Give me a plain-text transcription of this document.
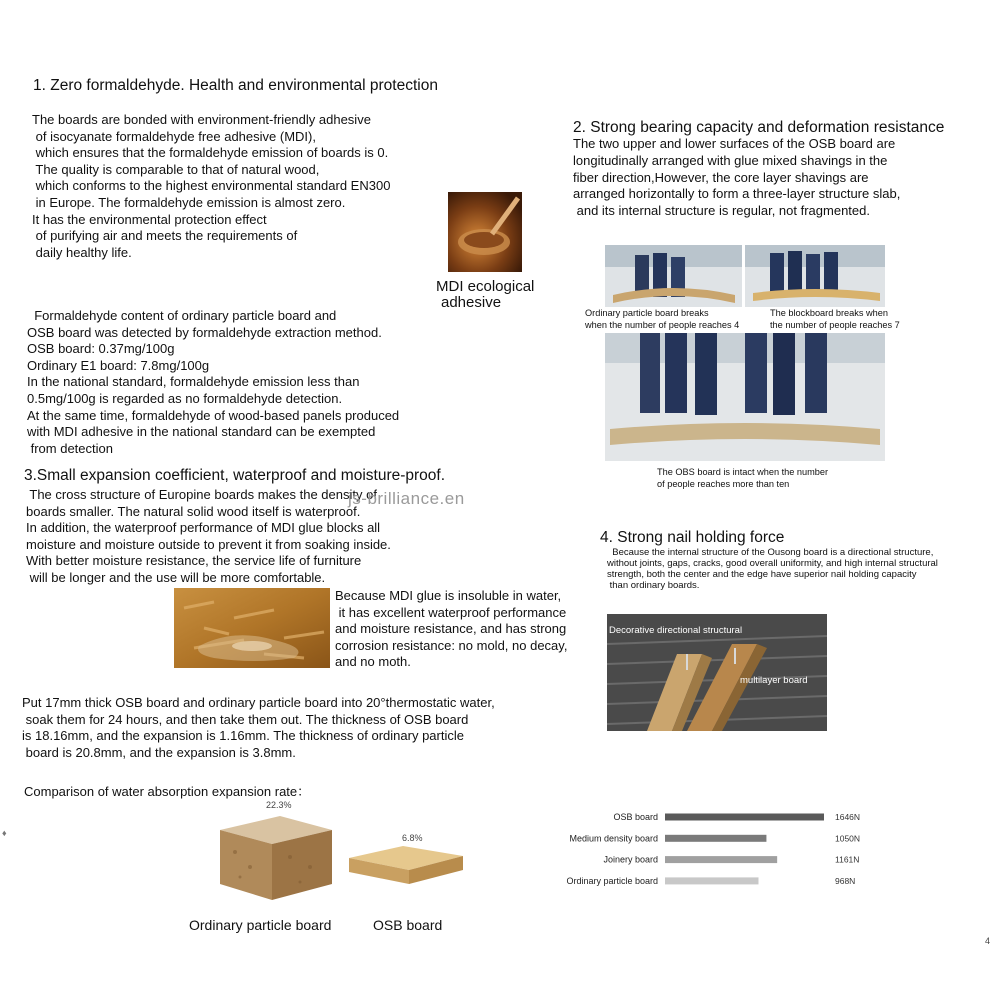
1. Zero formaldehyde. Health and environmental protection
The boards are bonded with environment-friendly adhesive
of isocyanate formaldehyde free adhesive (MDI),
which ensures that the formaldehyde emission of boards is 0.
The quality is comparable to that of natural wood,
which conforms to the highest environmental standard EN300
in Europe. The formaldehyde emission is almost zero.
It has the environmental protection effect
of purifying air and meets the requirements of
daily healthy life.
MDI ecological
adhesive
Formaldehyde content of ordinary particle board and
OSB board was detected by formaldehyde extraction method.
OSB board: 0.37mg/100g
Ordinary E1 board: 7.8mg/100g
In the national standard, formaldehyde emission less than
0.5mg/100g is regarded as no formaldehyde detection.
At the same time, formaldehyde of wood-based panels produced
with MDI adhesive in the national standard can be exempted
from detection
2. Strong bearing capacity and deformation resistance
The two upper and lower surfaces of the OSB board are
longitudinally arranged with glue mixed shavings in the
fiber direction,However, the core layer shavings are
arranged horizontally to form a three-layer structure slab,
and its internal structure is regular, not fragmented.
Ordinary particle board breaks
when the number of people reaches 4
The blockboard breaks when
the number of people reaches 7
The OBS board is intact when the number
of people reaches more than ten
3.Small expansion coefficient, waterproof and moisture-proof.
The cross structure of Europine boards makes the density of
boards smaller. The natural solid wood itself is waterproof.
In addition, the waterproof performance of MDI glue blocks all
moisture and moisture outside to prevent it from soaking inside.
With better moisture resistance, the service life of furniture
will be longer and the use will be more comfortable.
js-brilliance.en
Because MDI glue is insoluble in water,
it has excellent waterproof performance
and moisture resistance, and has strong
corrosion resistance: no mold, no decay,
and no moth.
Put 17mm thick OSB board and ordinary particle board into 20°thermostatic water,
soak them for 24 hours, and then take them out. The thickness of OSB board
is 18.16mm, and the expansion is 1.16mm. The thickness of ordinary particle
board is 20.8mm, and the expansion is 3.8mm.
Comparison of water absorption expansion rate：
♦
22.3%
6.8%
Ordinary particle board	OSB board
4. Strong nail holding force
Because the internal structure of the Ousong board is a directional structure,
without joints, gaps, cracks, good overall uniformity, and high internal structural
strength, both the center and the edge have superior nail holding capacity
than ordinary boards.
Decorative directional structural
multilayer board
OSB board	1646N
Medium density board	1050N
Joinery board	1161N
Ordinary particle board	968N
4
